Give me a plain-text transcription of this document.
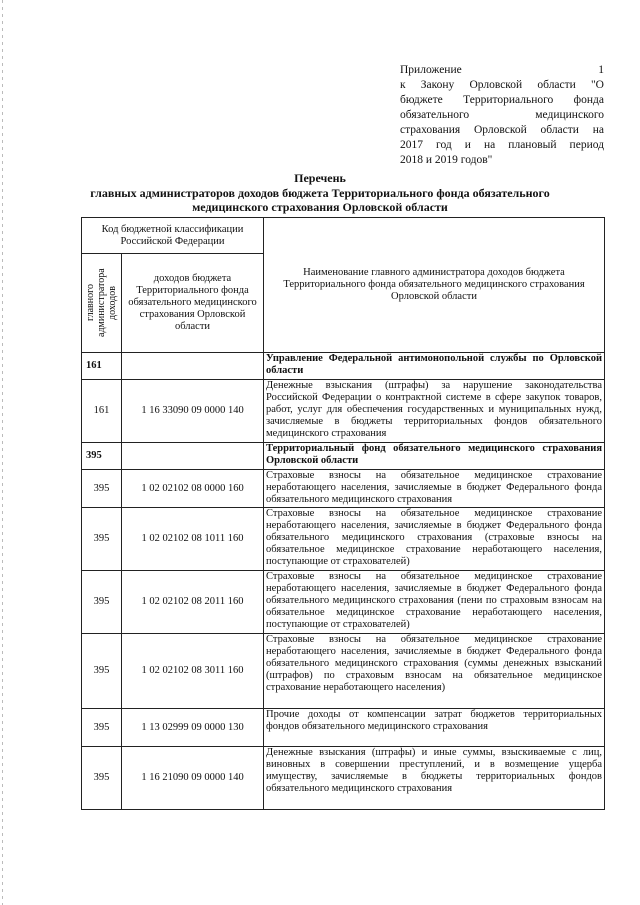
Приложение 1
к Закону Орловской области "О
бюджете Территориального фонда
обязательного медицинского
страхования Орловской области на
2017 год и на плановый период
2018 и 2019 годов"
Перечень
главных администраторов доходов бюджета Территориального фонда обязательного
медицинского страхования Орловской области
Код бюджетной классификации Российской Федерации		Наименование главного администратора доходов бюджета Территориального фонда обязательного медицинского страхования Орловской области

главного администратора доходов	доходов бюджета Территориального фонда обязательного медицинского страхования Орловской области	
161		Управление Федеральной антимонопольной службы по Орловской области
161	1 16 33090 09 0000 140	Денежные взыскания (штрафы) за нарушение законодательства Российской Федерации о контрактной системе в сфере закупок товаров, работ, услуг для обеспечения государственных и муниципальных нужд, зачисляемые в бюджеты территориальных фондов обязательного медицинского страхования
395		Территориальный фонд обязательного медицинского страхования Орловской области
395	1 02 02102 08 0000 160	Страховые взносы на обязательное медицинское страхование неработающего населения, зачисляемые в бюджет Федерального фонда обязательного медицинского страхования
395	1 02 02102 08 1011 160	Страховые взносы на обязательное медицинское страхование неработающего населения, зачисляемые в бюджет Федерального фонда обязательного медицинского страхования (страховые взносы на обязательное медицинское страхование неработающего населения, поступающие от страхователей)
395	1 02 02102 08 2011 160	Страховые взносы на обязательное медицинское страхование неработающего населения, зачисляемые в бюджет Федерального фонда обязательного медицинского страхования (пени по страховым взносам на обязательное медицинское страхование неработающего населения, поступающие от страхователей)
395	1 02 02102 08 3011 160	Страховые взносы на обязательное медицинское страхование неработающего населения, зачисляемые в бюджет Федерального фонда обязательного медицинского страхования (суммы денежных взысканий (штрафов) по страховым взносам на обязательное медицинское страхование неработающего населения)
395	1 13 02999 09 0000 130	Прочие доходы от компенсации затрат бюджетов территориальных фондов обязательного медицинского страхования
395	1 16 21090 09 0000 140	Денежные взыскания (штрафы) и иные суммы, взыскиваемые с лиц, виновных в совершении преступлений, и в возмещение ущерба имуществу, зачисляемые в бюджеты территориальных фондов обязательного медицинского страхования
